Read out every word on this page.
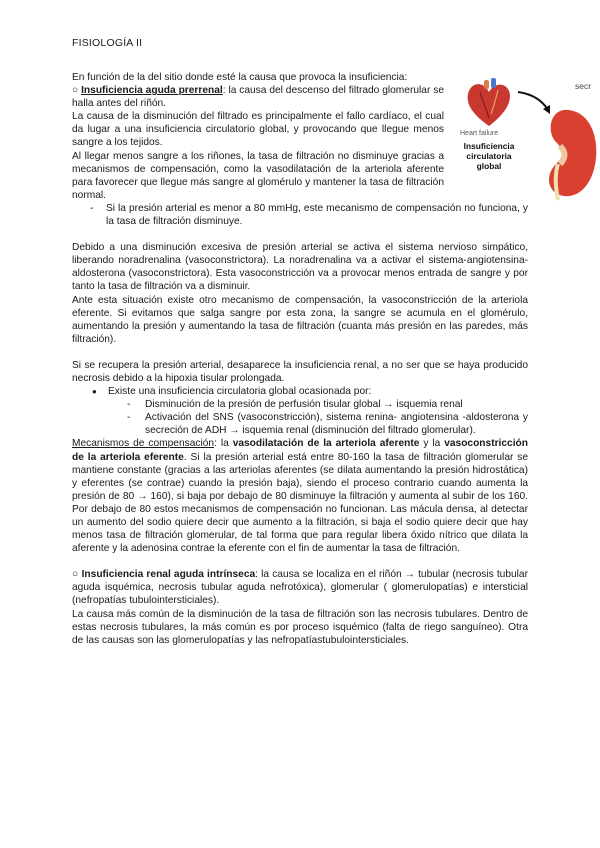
FISIOLOGÍA II
Heart failure
Insuficiencia
circulatoria
global
secr

En función de la del sitio donde esté la causa que provoca la insuficiencia:

○ Insuficiencia aguda prerrenal: la causa del descenso del filtrado glomerular se halla antes del riñón.

La causa de la disminución del filtrado es principalmente el fallo cardíaco, el cual da lugar a una insuficiencia circulatorio global, y provocando que llegue menos sangre a los tejidos.

Al llegar menos sangre a los riñones, la tasa de filtración no disminuye gracias a mecanismos de compensación, como la vasodilatación de la arteriola aferente para favorecer que llegue más sangre al glomérulo y mantener la tasa de filtración normal.

- Si la presión arterial es menor a 80 mmHg, este mecanismo de compensación no funciona, y la tasa de filtración disminuye.

Debido a una disminución excesiva de presión arterial se activa el sistema nervioso simpático, liberando noradrenalina (vasoconstrictora). La noradrenalina va a activar el sistema-angiotensina-aldosterona (vasoconstrictora). Esta vasoconstricción va a provocar menos entrada de sangre y por tanto la tasa de filtración va a disminuir.

Ante esta situación existe otro mecanismo de compensación, la vasoconstricción de la arteriola eferente. Si evitamos que salga sangre por esta zona, la sangre se acumula en el glomérulo, aumentando la presión y aumentando la tasa de filtración (cuanta más presión en las paredes, más filtración).

Si se recupera la presión arterial, desaparece la insuficiencia renal, a no ser que se haya producido necrosis debido a la hipoxia tisular prolongada.

● Existe una insuficiencia circulatoria global ocasionada por:
- Disminución de la presión de perfusión tisular global → isquemia renal
- Activación del SNS (vasoconstricción), sistema renina- angiotensina -aldosterona y secreción de ADH → isquemia renal (disminución del filtrado glomerular).

Mecanismos de compensación: la vasodilatación de la arteriola aferente y la vasoconstricción de la arteriola eferente. Si la presión arterial está entre 80-160 la tasa de filtración glomerular se mantiene constante (gracias a las arteriolas aferentes (se dilata aumentando la presión hidrostática) y eferentes (se contrae) cuando la presión baja), siendo el proceso contrario cuando aumenta la presión de 80 → 160), si baja por debajo de 80 disminuye la filtración y aumenta al subir de los 160. Por debajo de 80 estos mecanismos de compensación no funcionan. Las mácula densa, al detectar un aumento del sodio quiere decir que aumento a la filtración, si baja el sodio quiere decir que hay menos tasa de filtración glomerular, de tal forma que para regular libera óxido nítrico que dilata la aferente y la adenosina contrae la eferente con el fin de aumentar la tasa de filtración.

○ Insuficiencia renal aguda intrínseca: la causa se localiza en el riñón → tubular (necrosis tubular aguda isquémica, necrosis tubular aguda nefrotóxica), glomerular ( glomerulopatías) e intersticial (nefropatías tubulointersticiales).

La causa más común de la disminución de la tasa de filtración son las necrosis tubulares. Dentro de estas necrosis tubulares, la más común es por proceso isquémico (falta de riego sanguíneo). Otra de las causas son las glomerulopatías y las nefropatíastubulointersticiales.
